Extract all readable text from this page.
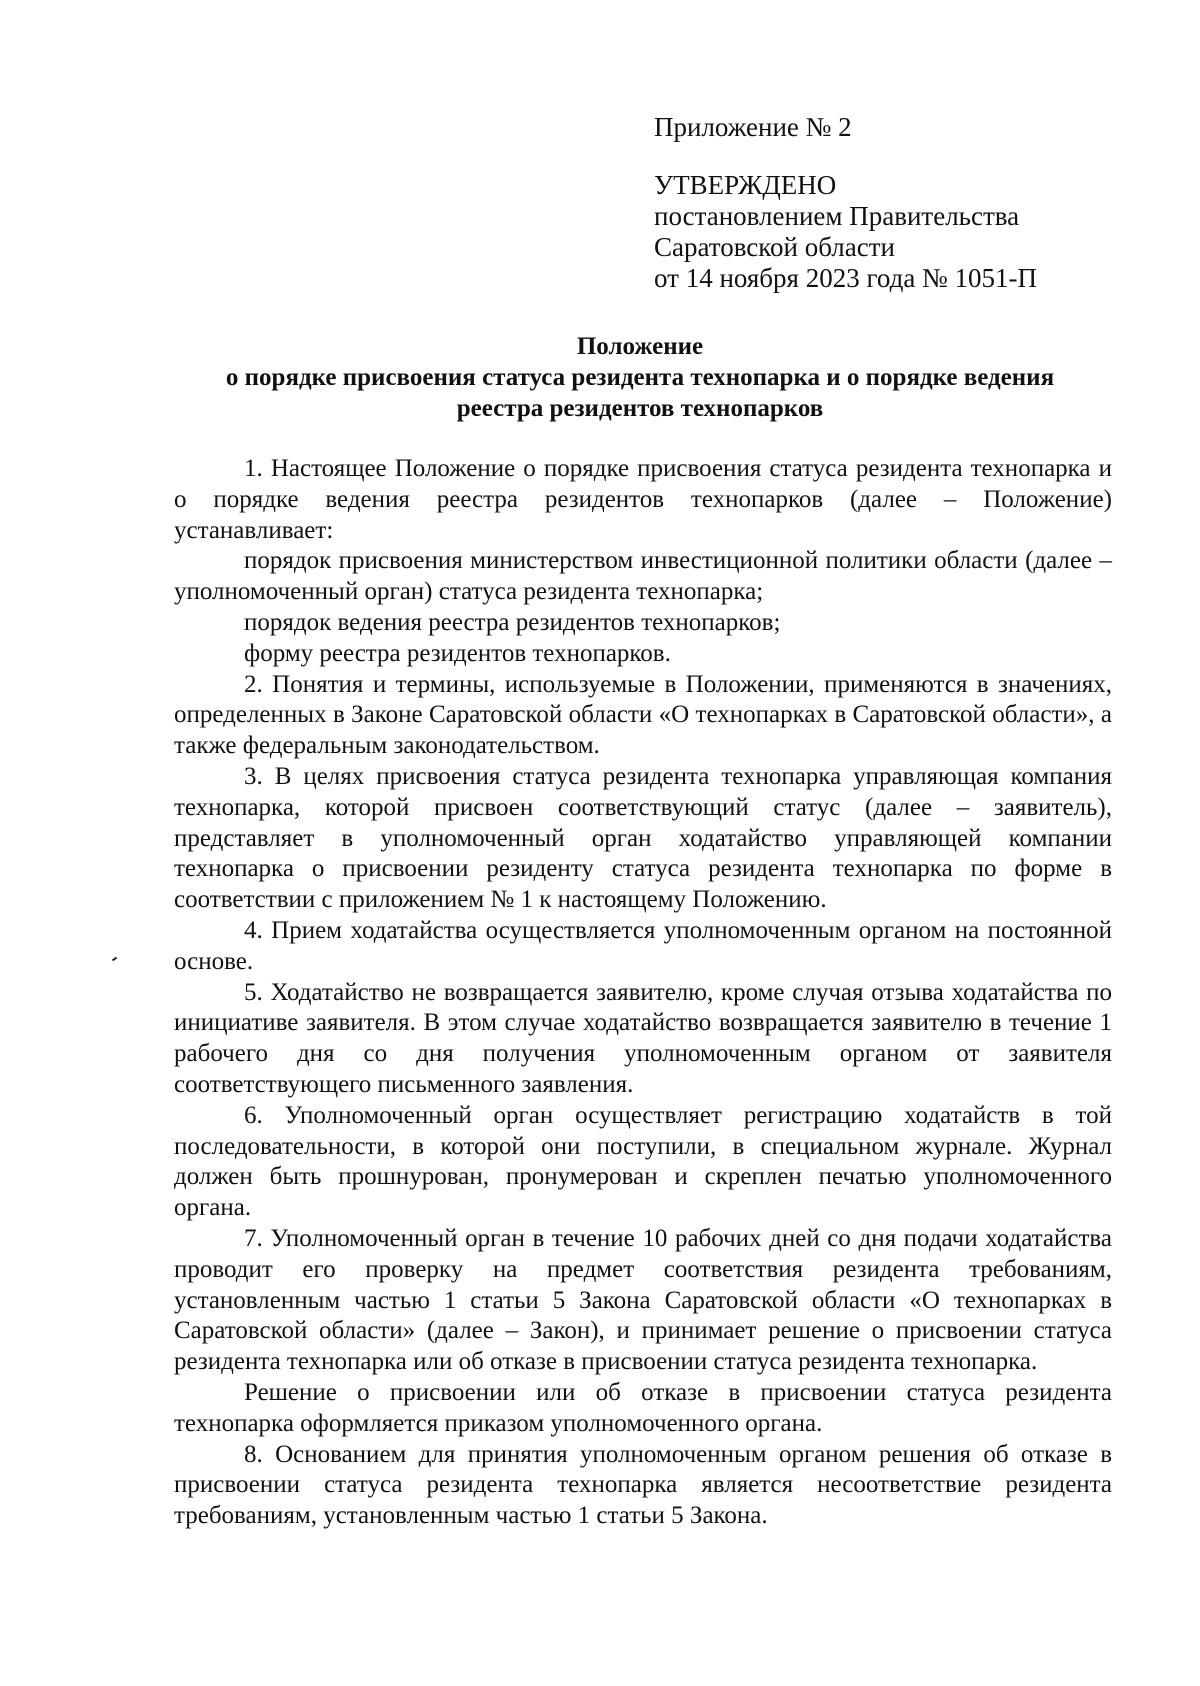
Приложение № 2
УТВЕРЖДЕНО
постановлением Правительства
Саратовской области
от 14 ноября 2023 года № 1051-П
Положение
о порядке присвоения статуса резидента технопарка и о порядке ведения
реестра резидентов технопарков

1. Настоящее Положение о порядке присвоения статуса резидента технопарка и о порядке ведения реестра резидентов технопарков (далее – Положение) устанавливает:

порядок присвоения министерством инвестиционной политики области (далее – уполномоченный орган) статуса резидента технопарка;

порядок ведения реестра резидентов технопарков;

форму реестра резидентов технопарков.

2. Понятия и термины, используемые в Положении, применяются в значениях, определенных в Законе Саратовской области «О технопарках в Саратовской области», а также федеральным законодательством.

3. В целях присвоения статуса резидента технопарка управляющая компания технопарка, которой присвоен соответствующий статус (далее – заявитель), представляет в уполномоченный орган ходатайство управляющей компании технопарка о присвоении резиденту статуса резидента технопарка по форме в соответствии с приложением № 1 к настоящему Положению.

4. Прием ходатайства осуществляется уполномоченным органом на постоянной основе.

5. Ходатайство не возвращается заявителю, кроме случая отзыва ходатайства по инициативе заявителя. В этом случае ходатайство возвращается заявителю в течение 1 рабочего дня со дня получения уполномоченным органом от заявителя соответствующего письменного заявления.

6. Уполномоченный орган осуществляет регистрацию ходатайств в той последовательности, в которой они поступили, в специальном журнале. Журнал должен быть прошнурован, пронумерован и скреплен печатью уполномоченного органа.

7. Уполномоченный орган в течение 10 рабочих дней со дня подачи ходатайства проводит его проверку на предмет соответствия резидента требованиям, установленным частью 1 статьи 5 Закона Саратовской области «О технопарках в Саратовской области» (далее – Закон), и принимает решение о присвоении статуса резидента технопарка или об отказе в присвоении статуса резидента технопарка.

Решение о присвоении или об отказе в присвоении статуса резидента технопарка оформляется приказом уполномоченного органа.

8. Основанием для принятия уполномоченным органом решения об отказе в присвоении статуса резидента технопарка является несоответствие резидента требованиям, установленным частью 1 статьи 5 Закона.
